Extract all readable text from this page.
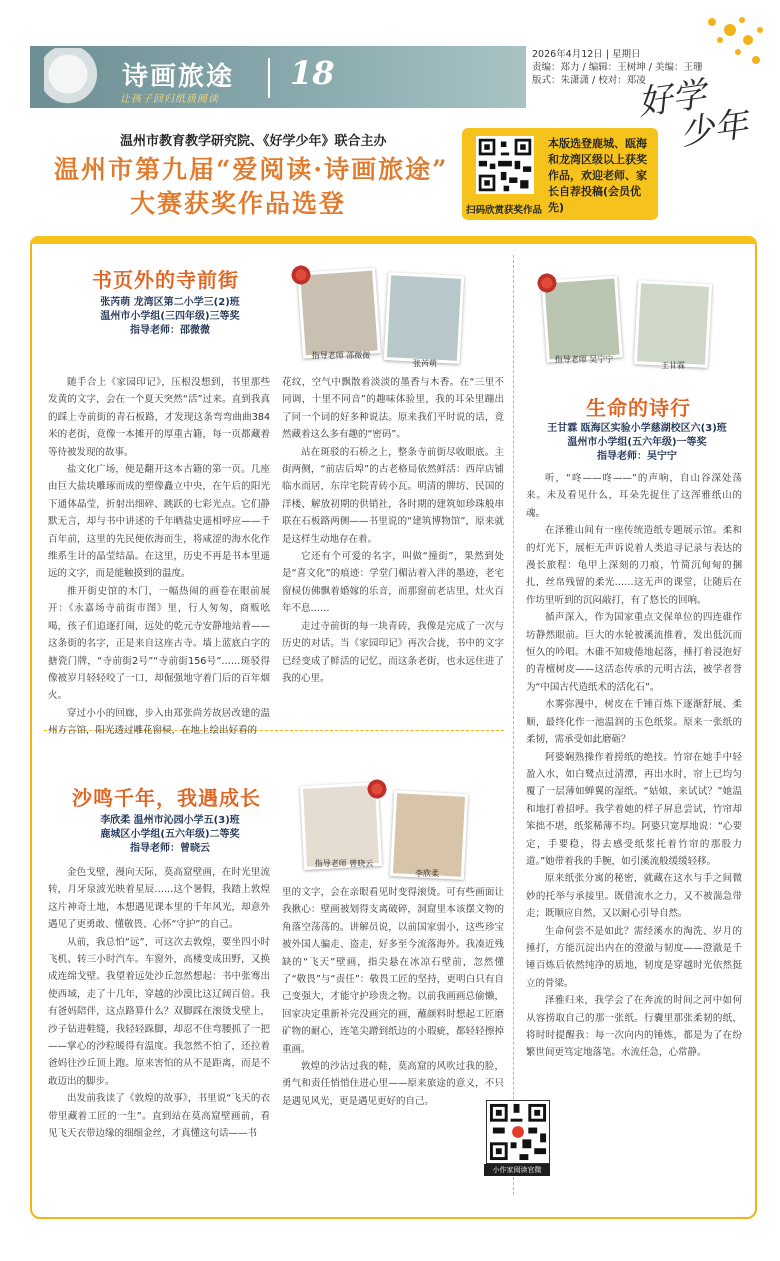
诗画旅途
让孩子回归纸质阅读
18	2026年4月12日 | 星期日
责编：郑力 / 编辑：王树坤 / 美编：王珊
版式：朱潇潇 / 校对：郑凌
好学
少年
温州市教育教学研究院、《好学少年》联合主办
温州市第九届“爱阅读·诗画旅途”
大赛获奖作品选登	扫码欣赏获奖作品
本版选登鹿城、瓯海和龙湾区级以上获奖作品，欢迎老师、家长自荐投稿(会员优先)
书页外的寺前街
张芮萌 龙湾区第二小学三(2)班
温州市小学组(三四年级)三等奖
指导老师：邵微微
指导老师 邵微微
张芮萌

随手合上《家园印记》，压根没想到，书里那些发黄的文字，会在一个夏天突然“活”过来。直到我真的踩上寺前街的青石板路，才发现这条弯弯曲曲384米的老街，竟像一本摊开的厚重古籍，每一页都藏着等待被发现的故事。

盐文化广场，便是翻开这本古籍的第一页。几座由巨大盐块雕琢而成的塑像矗立中央，在午后的阳光下通体晶莹，折射出细碎、跳跃的七彩光点。它们静默无言，却与书中讲述的千年晒盐史遥相呼应——千百年前，这里的先民便依海而生，将咸涩的海水化作维系生计的晶莹结晶。在这里，历史不再是书本里遥远的文字，而是能触摸到的温度。

推开街史馆的木门，一幅热闹的画卷在眼前展开：《永嘉场寺前街市图》里，行人匆匆，商贩吆喝，孩子们追逐打闹，远处的乾元寺安静地站着——这条街的名字，正是来自这座古寺。墙上蓝底白字的搪瓷门牌，“寺前街2号”“寺前街156号”……斑驳得像被岁月轻轻咬了一口，却倔强地守着门后的百年烟火。

穿过小小的回廊，步入由郑张尚芳故居改建的温州方言馆，阳光透过雕花窗棂，在地上绘出好看的

花纹，空气中飘散着淡淡的墨香与木香。在“三里不同调，十里不同音”的趣味体验里，我的耳朵里蹦出了同一个词的好多种说法。原来我们平时说的话，竟然藏着这么多有趣的“密码”。

站在斑驳的石桥之上，整条寺前街尽收眼底。主街两侧，“前店后埠”的古老格局依然鲜活：西岸店铺临水而居，东岸宅院青砖小瓦。明清的牌坊、民国的洋楼、解放初期的供销社，各时期的建筑如珍珠般串联在石板路两侧——书里说的“建筑博物馆”，原来就是这样生动地存在着。

它还有个可爱的名字，叫做“撞街”，果然到处是“喜文化”的痕迹：学堂门楣沾着入泮的墨迹，老宅窗棂仿佛飘着婚嫁的乐音，而那窗前老店里，灶火百年不息……

走过寺前街的每一块青砖，我像是完成了一次与历史的对话。当《家园印记》再次合拢，书中的文字已经变成了鲜活的记忆，而这条老街，也永远住进了我的心里。

沙鸣千年，我遇成长
李欣柔 温州市沁园小学五(3)班
鹿城区小学组(五六年级)二等奖
指导老师：曾晓云
指导老师 曾晓云
李欣柔

金色戈壁，漫向天际，莫高窟壁画，在时光里流转，月牙泉波光映着星辰……这个暑假，我踏上敦煌这片神奇土地，本想遇见课本里的千年风光，却意外遇见了更勇敢、懂敬畏、心怀“守护”的自己。

从前，我总怕“远”，可这次去敦煌，要坐四小时飞机、转三小时汽车。车窗外，高楼变成田野，又换成连绵戈壁。我望着远处沙丘忽然想起：书中张骞出使西域，走了十几年，穿越的沙漠比这辽阔百倍。我有爸妈陪伴，这点路算什么？双脚踩在滚烫戈壁上，沙子钻进鞋缝，我轻轻跺脚，却忍不住弯腰抓了一把——掌心的沙粒暖得有温度。我忽然不怕了，还拉着爸妈往沙丘顶上跑。原来害怕的从不是距离，而是不敢迈出的脚步。

出发前我读了《敦煌的故事》，书里说“飞天的衣带里藏着工匠的一生”。直到站在莫高窟壁画前，看见飞天衣带边缘的细细金丝，才真懂这句话——书

里的文字，会在亲眼看见时变得滚烫。可有些画面让我揪心：壁画被划得支离破碎，洞窟里本该摆文物的角落空荡荡的。讲解员说，以前国家弱小，这些珍宝被外国人骗走、盗走，好多至今流落海外。我凑近残缺的“飞天”壁画，指尖悬在冰凉石壁前，忽然懂了“敬畏”与“责任”：敬畏工匠的坚持，更明白只有自己变强大，才能守护珍贵之物。以前我画画总偷懒，回家决定重新补完没画完的画，蘸颜料时想起工匠磨矿物的耐心，连笔尖蹭到纸边的小瑕疵，都轻轻擦掉重画。

敦煌的沙沾过我的鞋，莫高窟的风吹过我的脸，勇气和责任悄悄住进心里——原来旅途的意义，不只是遇见风光，更是遇见更好的自己。

指导老师 吴宁宁
王甘霖
生命的诗行
王甘霖 瓯海区实验小学慈湖校区六(3)班
温州市小学组(五六年级)一等奖
指导老师：吴宁宁

听，“咚——咚——”的声响，自山谷深处荡来。未及看见什么，耳朵先捉住了这浑雅纸山的魂。

在泽雅山间有一座传统造纸专题展示馆。柔和的灯光下，展柜无声诉说着人类追寻记录与表达的漫长旅程：龟甲上深刻的刀痕，竹简沉甸甸的捆扎，丝帛残留的柔光……这无声的课堂，让随后在作坊里听到的沉闷敲打，有了悠长的回响。

循声深入，作为国家重点文保单位的四连碓作坊静然眼前。巨大的水轮被溪流推着，发出低沉而恒久的吟唱。木碓不知疲倦地起落，捶打着浸泡好的青檀树皮——这活态传承的元明古法，被学者誉为“中国古代造纸术的活化石”。

水雾弥漫中，树皮在千锤百炼下逐渐舒展、柔顺，最终化作一池温润的玉色纸浆。原来一张纸的柔韧，需承受如此磨砺？

阿婆娴熟操作着捞纸的绝技。竹帘在她手中轻盈入水，如白鹭点过清潭，再出水时，帘上已均匀覆了一层薄如蝉翼的湿纸。“姑娘，来试试？”她温和地打着招呼。我学着她的样子屏息尝试，竹帘却笨拙不堪，纸浆稀薄不均。阿婆只宽厚地说：“心要定，手要稳，得去感受纸浆托着竹帘的那股力道。”她带着我的手腕，如引溪流般缓缓轻移。

原来纸张分寓的秘密，就藏在这水与手之间微妙的托举与承接里。既借流水之力，又不被湍急带走；既顺应自然，又以耐心引导自然。

生命何尝不是如此？需经溪水的淘洗、岁月的捶打，方能沉淀出内在的澄澈与韧度——澄澈是千锤百炼后依然纯净的质地，韧度是穿越时光依然挺立的骨梁。

泽雅归来，我学会了在奔流的时间之河中如何从容捞取自己的那一张纸。行囊里那张柔韧的纸，将时时提醒我：每一次向内的锤炼，都是为了在纷繁世间更笃定地落笔。水流任急，心常静。

小作家阅读官微
